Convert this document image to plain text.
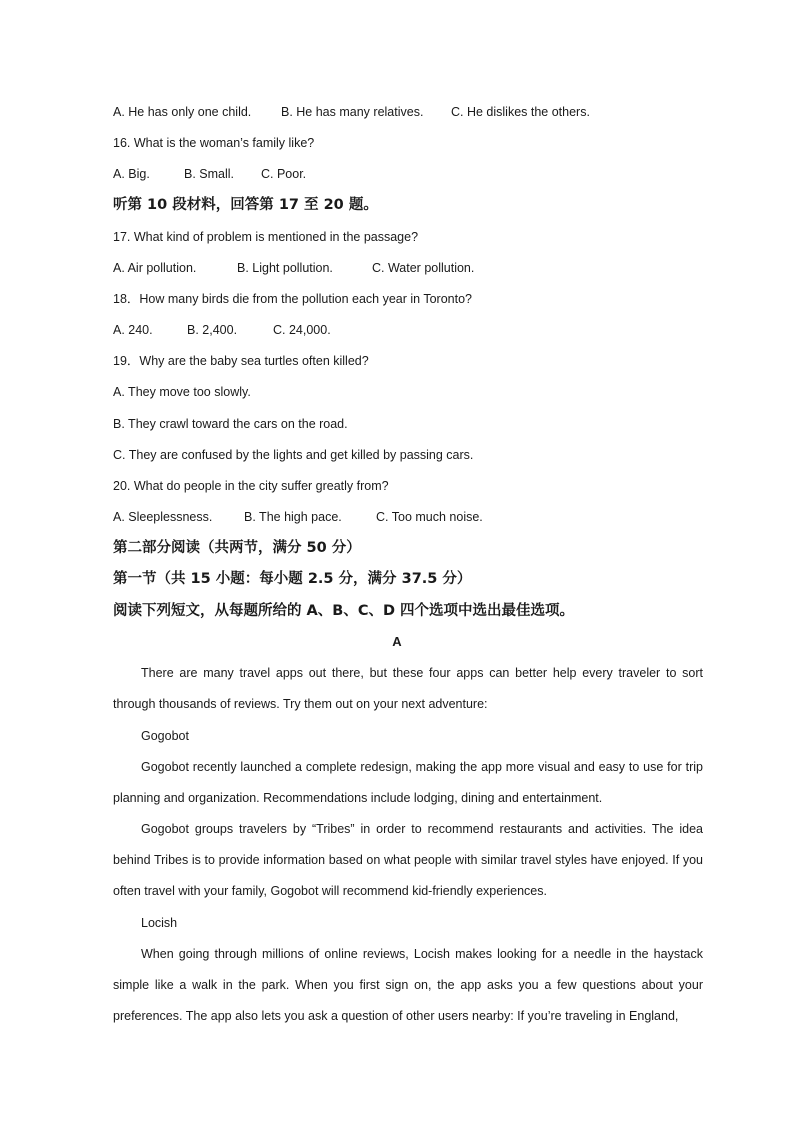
A. He has only one child. B. He has many relatives. C. He dislikes the others.
16. What is the woman’s family like?
A. Big.	B. Small. C. Poor.
听第 10 段材料，回答第 17 至 20 题。
17. What kind of problem is mentioned in the passage?
A. Air pollution.	B. Light pollution.	C. Water pollution.
18．How many birds die from the pollution each year in Toronto?
A. 240.	B. 2,400.	C. 24,000.
19．Why are the baby sea turtles often killed?
A. They move too slowly.
B. They crawl toward the cars on the road.
C. They are confused by the lights and get killed by passing cars.
20. What do people in the city suffer greatly from?
A. Sleeplessness.	B. The high pace.	C. Too much noise.
第二部分阅读（共两节，满分 50 分）
第一节（共 15 小题：每小题 2.5 分，满分 37.5 分）
阅读下列短文，从每题所给的 A、B、C、D 四个选项中选出最佳选项。
A
There are many travel apps out there, but these four apps can better help every traveler to sort through thousands of reviews. Try them out on your next adventure:
Gogobot
Gogobot recently launched a complete redesign, making the app more visual and easy to use for trip planning and organization. Recommendations include lodging, dining and entertainment.
Gogobot groups travelers by “Tribes” in order to recommend restaurants and activities. The idea behind Tribes is to provide information based on what people with similar travel styles have enjoyed. If you often travel with your family, Gogobot will recommend kid-friendly experiences.
Locish
When going through millions of online reviews, Locish makes looking for a needle in the haystack simple like a walk in the park. When you first sign on, the app asks you a few questions about your preferences. The app also lets you ask a question of other users nearby: If you’re traveling in England,
